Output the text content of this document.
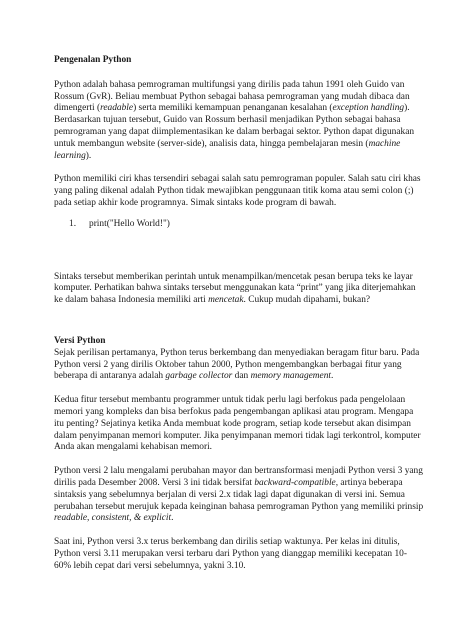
Pengenalan Python

Python adalah bahasa pemrograman multifungsi yang dirilis pada tahun 1991 oleh Guido van Rossum (GvR). Beliau membuat Python sebagai bahasa pemrograman yang mudah dibaca dan dimengerti (readable) serta memiliki kemampuan penanganan kesalahan (exception handling). Berdasarkan tujuan tersebut, Guido van Rossum berhasil menjadikan Python sebagai bahasa pemrograman yang dapat diimplementasikan ke dalam berbagai sektor. Python dapat digunakan untuk membangun website (server-side), analisis data, hingga pembelajaran mesin (machine learning).

Python memiliki ciri khas tersendiri sebagai salah satu pemrograman populer. Salah satu ciri khas yang paling dikenal adalah Python tidak mewajibkan penggunaan titik koma atau semi colon (;) pada setiap akhir kode programnya. Simak sintaks kode program di bawah.

1.	print("Hello World!")

Sintaks tersebut memberikan perintah untuk menampilkan/mencetak pesan berupa teks ke layar komputer. Perhatikan bahwa sintaks tersebut menggunakan kata “print” yang jika diterjemahkan ke dalam bahasa Indonesia memiliki arti mencetak. Cukup mudah dipahami, bukan?

Versi Python

Sejak perilisan pertamanya, Python terus berkembang dan menyediakan beragam fitur baru. Pada Python versi 2 yang dirilis Oktober tahun 2000, Python mengembangkan berbagai fitur yang beberapa di antaranya adalah garbage collector dan memory management.

Kedua fitur tersebut membantu programmer untuk tidak perlu lagi berfokus pada pengelolaan memori yang kompleks dan bisa berfokus pada pengembangan aplikasi atau program. Mengapa itu penting? Sejatinya ketika Anda membuat kode program, setiap kode tersebut akan disimpan dalam penyimpanan memori komputer. Jika penyimpanan memori tidak lagi terkontrol, komputer Anda akan mengalami kehabisan memori.

Python versi 2 lalu mengalami perubahan mayor dan bertransformasi menjadi Python versi 3 yang dirilis pada Desember 2008. Versi 3 ini tidak bersifat backward-compatible, artinya beberapa sintaksis yang sebelumnya berjalan di versi 2.x tidak lagi dapat digunakan di versi ini. Semua perubahan tersebut merujuk kepada keinginan bahasa pemrograman Python yang memiliki prinsip readable, consistent, & explicit.

Saat ini, Python versi 3.x terus berkembang dan dirilis setiap waktunya. Per kelas ini ditulis, Python versi 3.11 merupakan versi terbaru dari Python yang dianggap memiliki kecepatan 10-60% lebih cepat dari versi sebelumnya, yakni 3.10.
